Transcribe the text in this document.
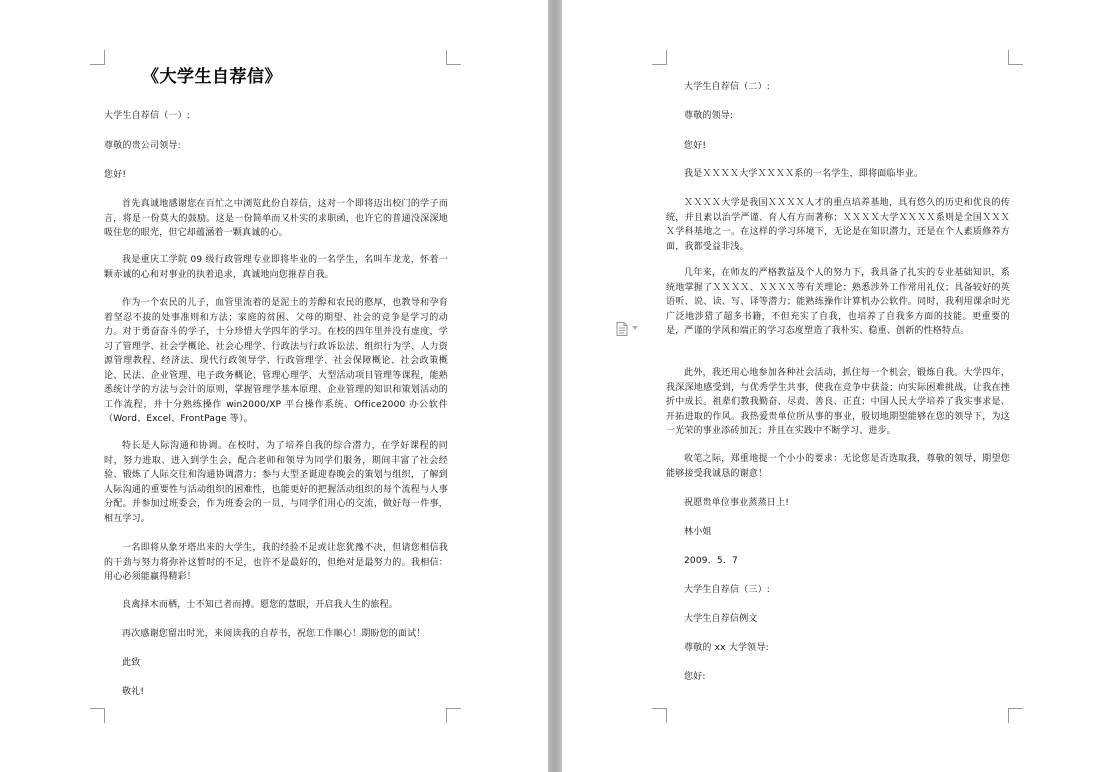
《大学生自荐信》
大学生自荐信（一）:
尊敬的贵公司领导:
您好!
首先真诚地感谢您在百忙之中浏览此份自荐信，这对一个即将迈出校门的学子而言，将是一份莫大的鼓励。这是一份简单而又朴实的求职函，也许它的普通没深深地吸住您的眼光，但它却蕴涵着一颗真诚的心。
我是重庆工学院 09 级行政管理专业即将毕业的一名学生，名叫车龙龙，怀着一颗赤诚的心和对事业的执着追求，真诚地向您推荐自我。
作为一个农民的儿子，血管里流着的是泥土的芳醇和农民的憨厚，也教导和孕育着坚忍不拔的处事准则和方法；家庭的贫困、父母的期望、社会的竞争是学习的动力。对于勇奋奋斗的学子，十分珍惜大学四年的学习。在校的四年里并没有虚度，学习了管理学、社会学概论、社会心理学、行政法与行政诉讼法、组织行为学、人力资源管理教程、经济法、现代行政领导学、行政管理学、社会保障概论、社会政策概论、民法、企业管理、电子政务概论、管理心理学、大型活动项目管理等课程，能熟悉统计学的方法与会计的原则，掌握管理学基本原理、企业管理的知识和策划活动的工作流程，并十分熟练操作 win2000/XP 平台操作系统、Office2000 办公软件（Word、Excel、FrontPage 等）。
特长是人际沟通和协调。在校时，为了培养自我的综合潜力，在学好课程的同时，努力进取、进入到学生会，配合老师和领导为同学们服务，期间丰富了社会经验、锻炼了人际交往和沟通协调潜力；参与大型圣诞迎春晚会的策划与组织，了解到人际沟通的重要性与活动组织的困难性，也能更好的把握活动组织的每个流程与人事分配。并参加过班委会，作为班委会的一员，与同学们用心的交流，做好每一件事，相互学习。
一名即将从象牙塔出来的大学生，我的经验不足或让您犹豫不决，但请您相信我的干劲与努力将弥补这暂时的不足，也许不是最好的，但绝对是最努力的。我相信：用心必须能赢得精彩！
良禽择木而栖，士不知已者而搏。愿您的慧眼，开启我人生的旅程。
再次感谢您留出时光，来阅读我的自荐书，祝您工作顺心！期盼您的面试！
此致
敬礼!
大学生自荐信（二）:
尊敬的领导:
您好!
我是ＸＸＸＸ大学ＸＸＸＸ系的一名学生，即将面临毕业。
ＸＸＸＸ大学是我国ＸＸＸＸ人才的重点培养基地，具有悠久的历史和优良的传统，并且素以治学严谨、育人有方而著称；ＸＸＸＸ大学ＸＸＸＸ系则是全国ＸＸＸＸ学科基地之一。在这样的学习环境下，无论是在知识潜力，还是在个人素质修养方面，我都受益非浅。
几年来，在师友的严格教益及个人的努力下，我具备了扎实的专业基础知识，系统地掌握了ＸＸＸＸ、ＸＸＸＸ等有关理论；熟悉涉外工作常用礼仪；具备较好的英语听、说、读、写、译等潜力；能熟练操作计算机办公软件。同时，我利用课余时光广泛地涉猎了超多书籍，不但充实了自我，也培养了自我多方面的技能。更重要的是，严谨的学风和端正的学习态度塑造了我朴实、稳重、创新的性格特点。
此外，我还用心地参加各种社会活动，抓住每一个机会，锻炼自我。大学四年，我深深地感受到，与优秀学生共事，使我在竞争中获益；向实际困难挑战，让我在挫折中成长。祖辈们教我勤奋、尽责、善良、正直；中国人民大学培养了我实事求是、开拓进取的作风。我热爱贵单位所从事的事业，殷切地期望能够在您的领导下，为这一光荣的事业添砖加瓦；并且在实践中不断学习、进步。
收笔之际，郑重地提一个小小的要求：无论您是否选取我，尊敬的领导，期望您能够接受我诚恳的谢意！
祝愿贵单位事业蒸蒸日上!
林小姐
2009．5．7
大学生自荐信（三）:
大学生自荐信例文
尊敬的 xx 大学领导:
您好:
